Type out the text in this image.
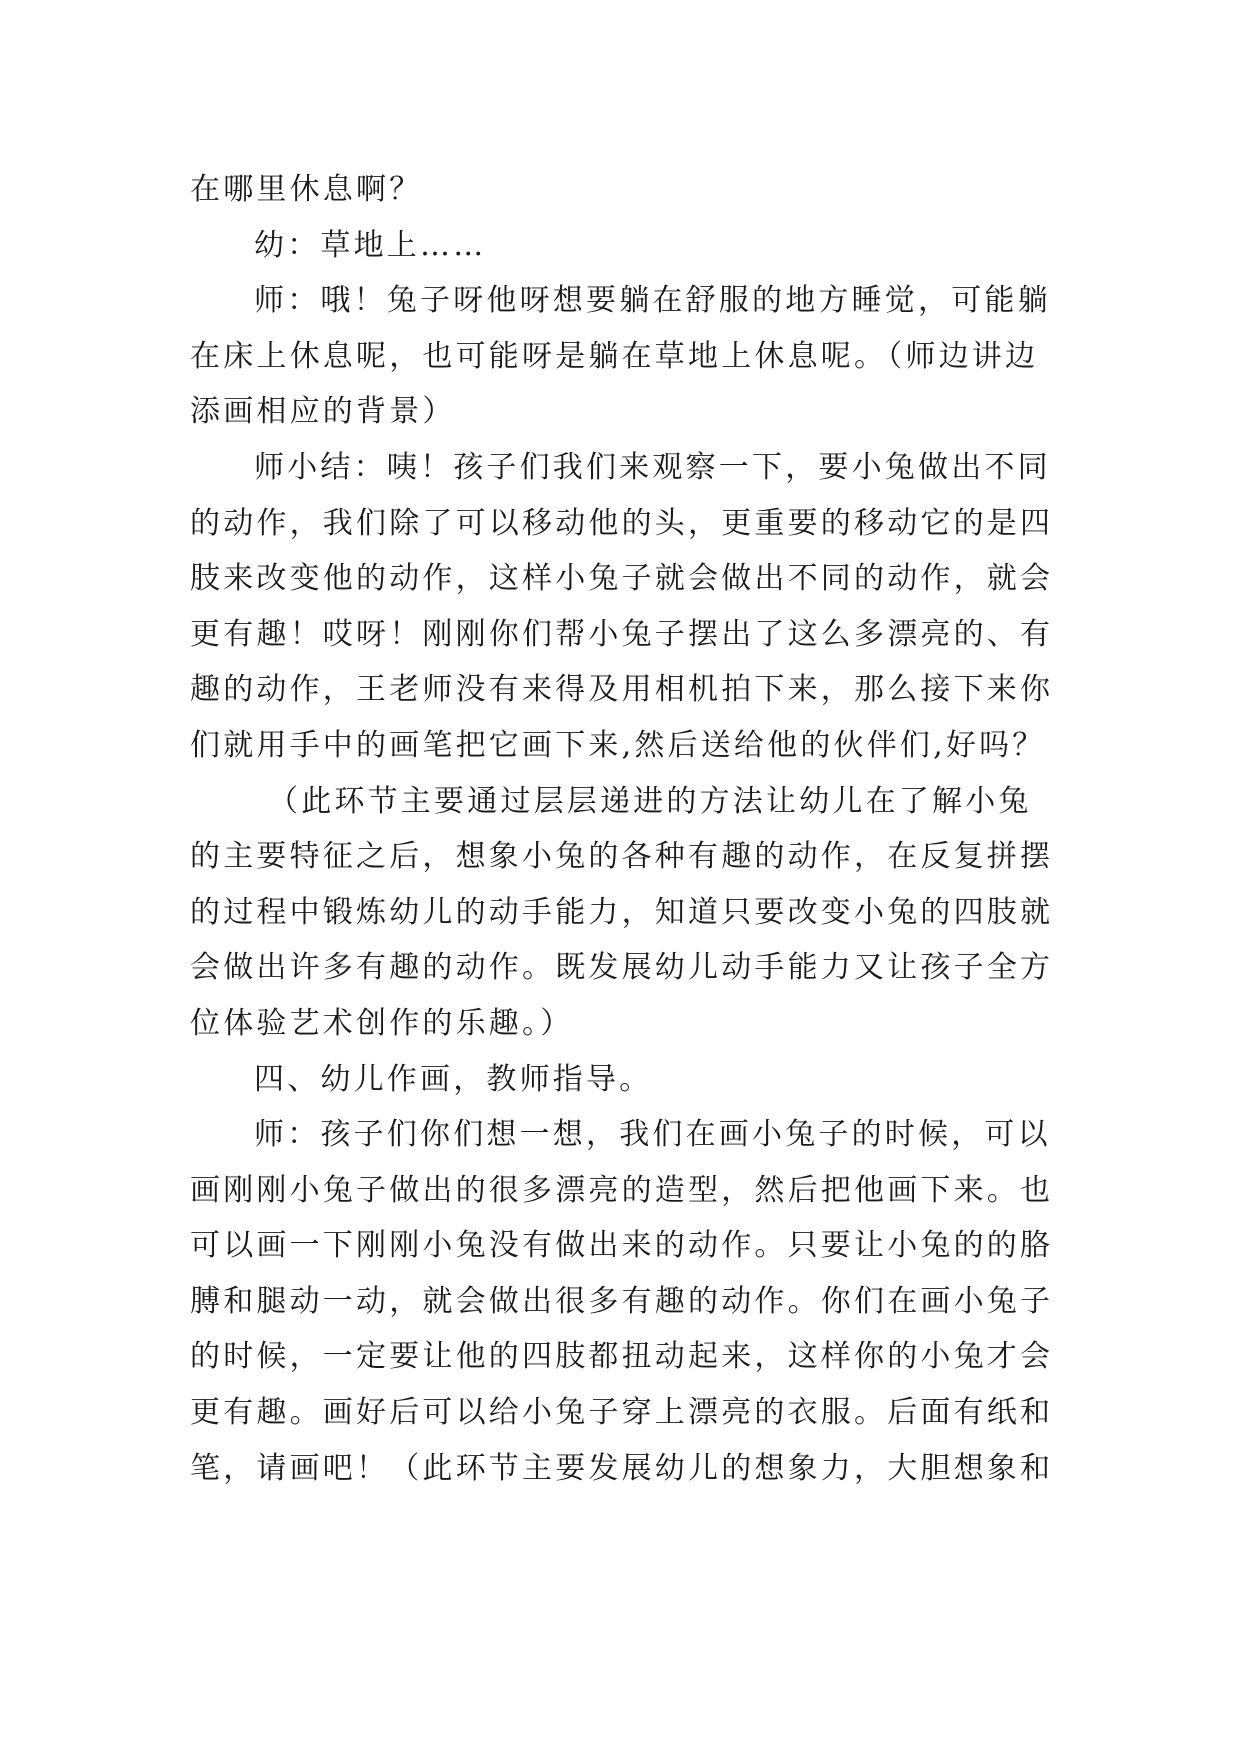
在哪里休息啊？
幼：草地上……
师：哦！兔子呀他呀想要躺在舒服的地方睡觉，可能躺
在床上休息呢，也可能呀是躺在草地上休息呢。（师边讲边
添画相应的背景）
师小结：咦！孩子们我们来观察一下，要小兔做出不同
的动作，我们除了可以移动他的头，更重要的移动它的是四
肢来改变他的动作，这样小兔子就会做出不同的动作，就会
更有趣！哎呀！刚刚你们帮小兔子摆出了这么多漂亮的、有
趣的动作，王老师没有来得及用相机拍下来，那么接下来你
们就用手中的画笔把它画下来,然后送给他的伙伴们,好吗？
（此环节主要通过层层递进的方法让幼儿在了解小兔
的主要特征之后，想象小兔的各种有趣的动作，在反复拼摆
的过程中锻炼幼儿的动手能力，知道只要改变小兔的四肢就
会做出许多有趣的动作。既发展幼儿动手能力又让孩子全方
位体验艺术创作的乐趣。）
四、幼儿作画，教师指导。
师：孩子们你们想一想，我们在画小兔子的时候，可以
画刚刚小兔子做出的很多漂亮的造型，然后把他画下来。也
可以画一下刚刚小兔没有做出来的动作。只要让小兔的的胳
膊和腿动一动，就会做出很多有趣的动作。你们在画小兔子
的时候，一定要让他的四肢都扭动起来，这样你的小兔才会
更有趣。画好后可以给小兔子穿上漂亮的衣服。后面有纸和
笔，请画吧！（此环节主要发展幼儿的想象力，大胆想象和
